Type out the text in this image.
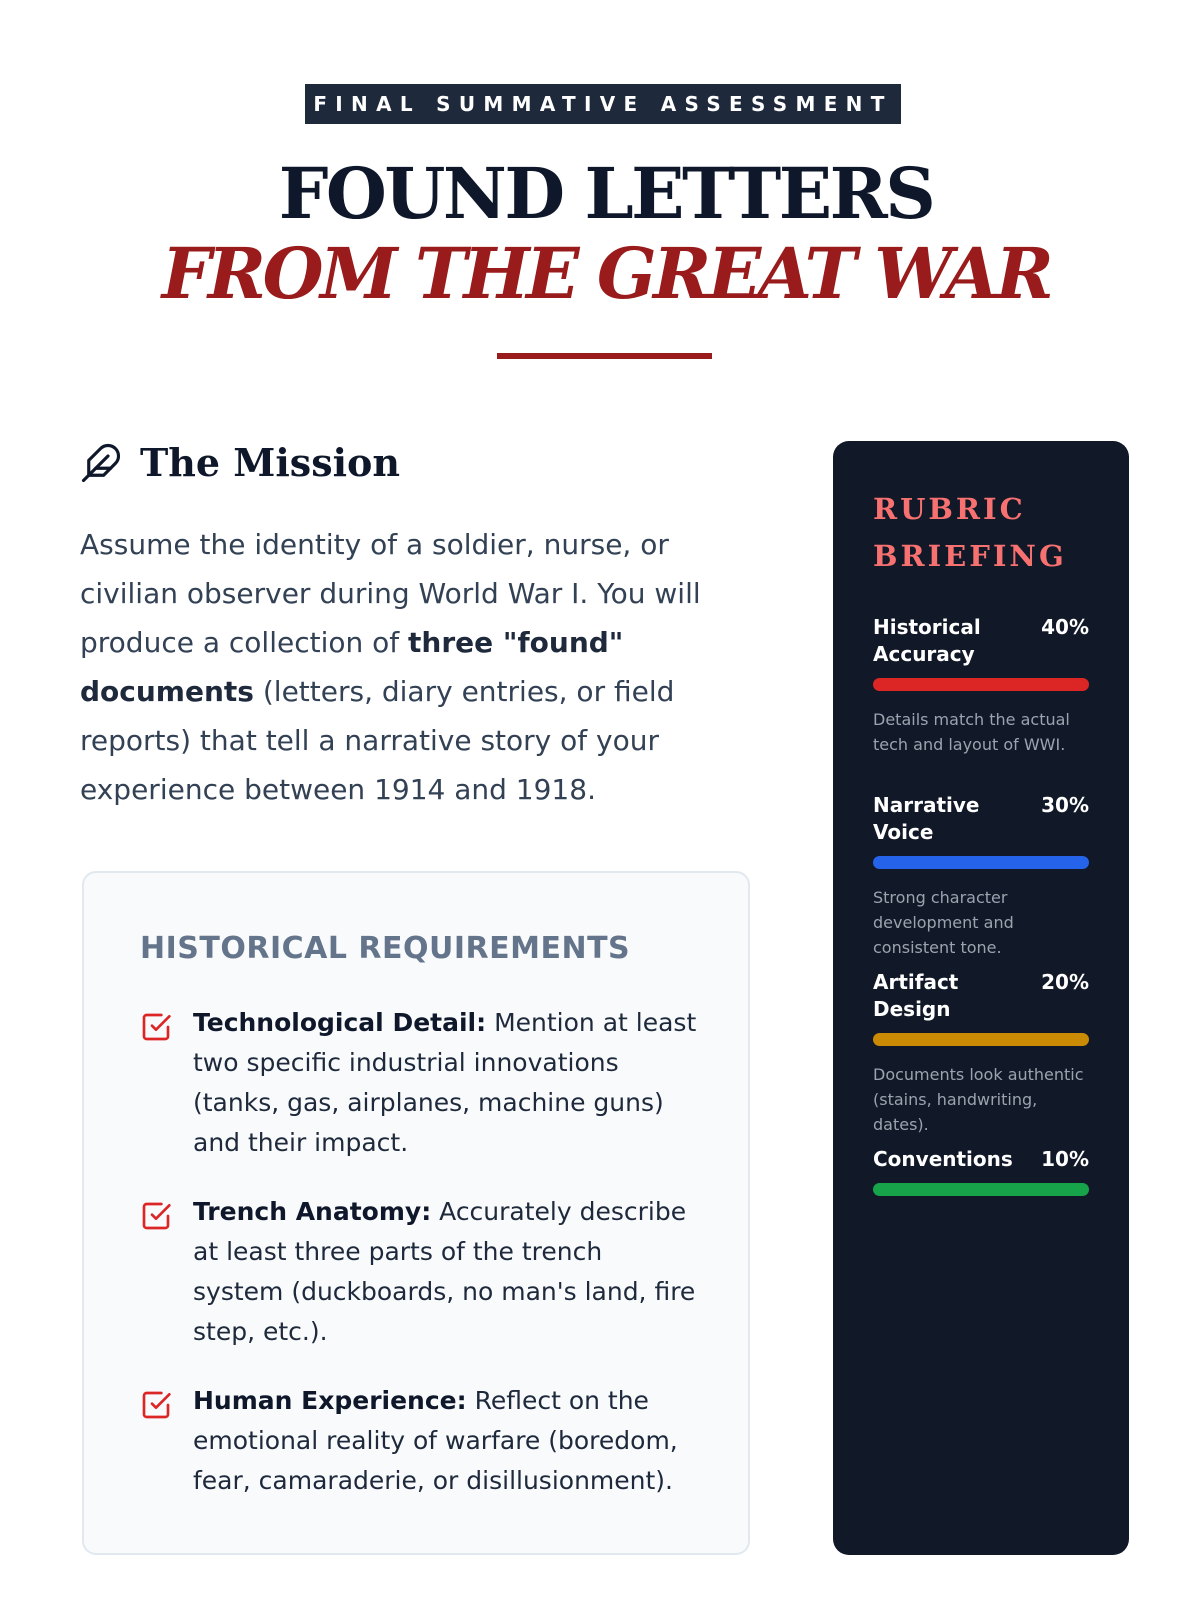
FINAL SUMMATIVE ASSESSMENT
FOUND LETTERS
FROM THE GREAT WAR
The Mission

Assume the identity of a soldier, nurse, or civilian observer during World War I. You will produce a collection of three "found" documents (letters, diary entries, or field reports) that tell a narrative story of your experience between 1914 and 1918.

HISTORICAL REQUIREMENTS
Technological Detail: Mention at least two specific industrial innovations (tanks, gas, airplanes, machine guns) and their impact.
Trench Anatomy: Accurately describe at least three parts of the trench system (duckboards, no man's land, fire step, etc.).
Human Experience: Reflect on the emotional reality of warfare (boredom, fear, camaraderie, or disillusionment).
RUBRIC BRIEFING
Historical Accuracy
40%
Details match the actual tech and layout of WWI.
Narrative Voice
30%
Strong character development and consistent tone.
Artifact Design
20%
Documents look authentic (stains, handwriting, dates).
Conventions 10%
